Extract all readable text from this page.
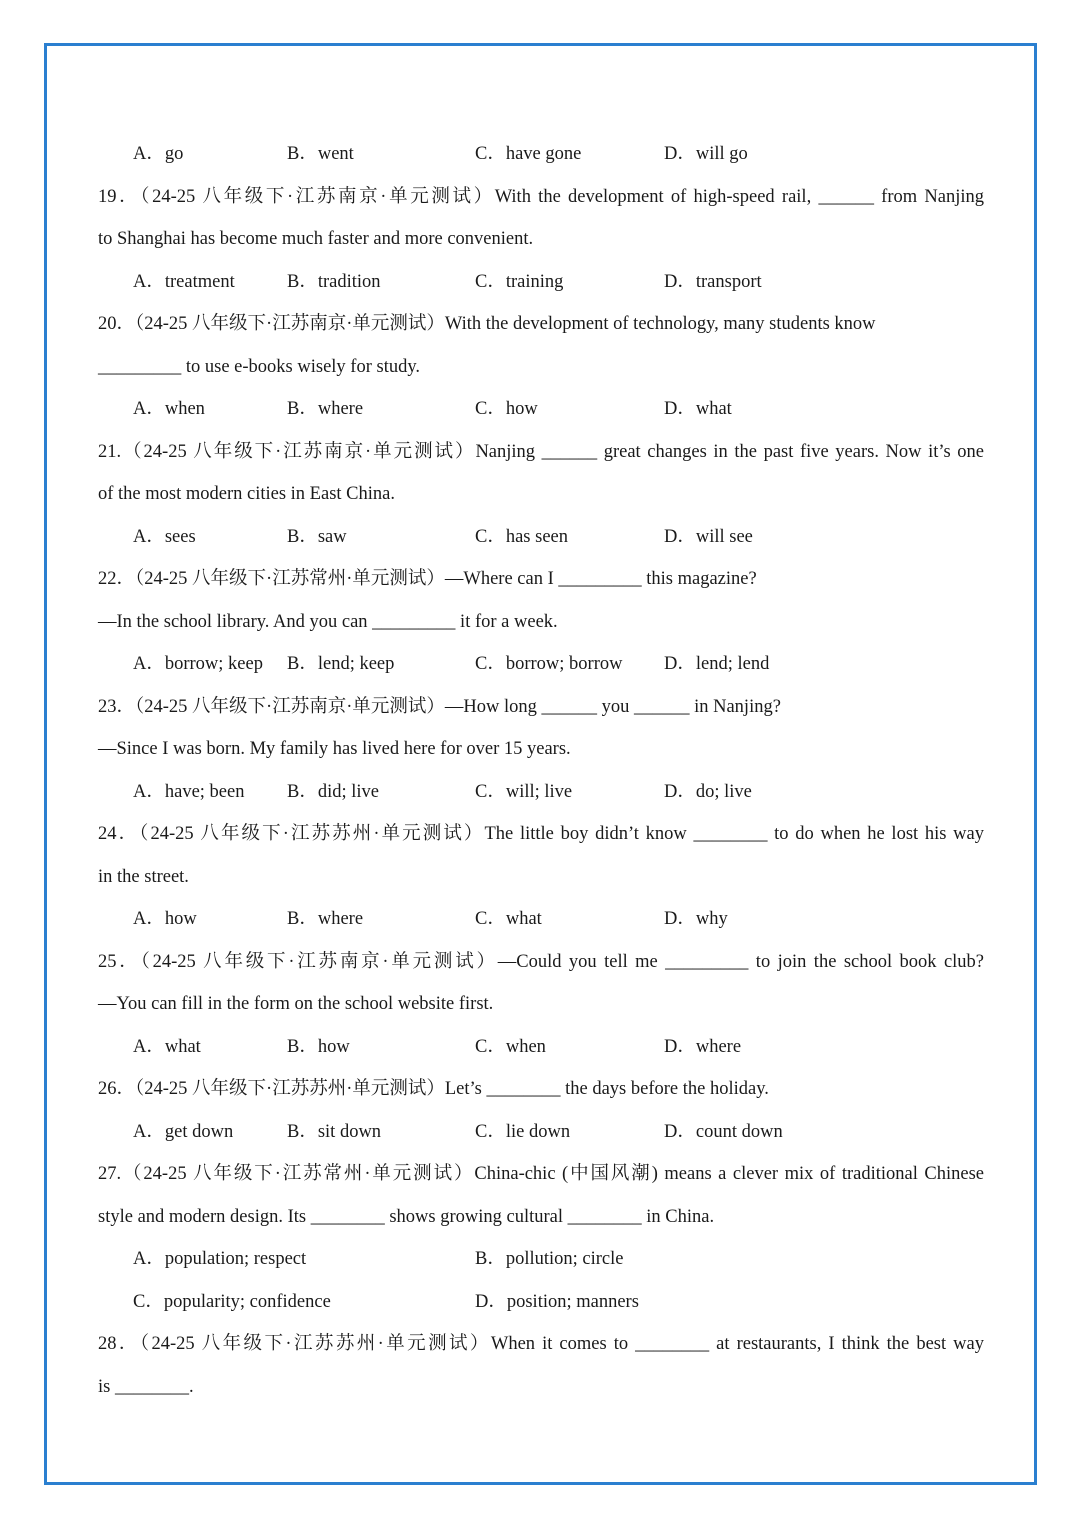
A．go	B．went	C．have gone	D．will go
19．（24-25 八年级下·江苏南京·单元测试）With the development of high-speed rail, ______ from Nanjing
to Shanghai has become much faster and more convenient.
A．treatment	B．tradition	C．training	D．transport
20．（24-25 八年级下·江苏南京·单元测试）With the development of technology, many students know
_________ to use e-books wisely for study.
A．when	B．where	C．how	D．what
21.（24-25 八年级下·江苏南京·单元测试）Nanjing ______ great changes in the past five years. Now it’s one
of the most modern cities in East China.
A．sees	B．saw	C．has seen	D．will see
22．（24-25 八年级下·江苏常州·单元测试）—Where can I _________ this magazine?
—In the school library. And you can _________ it for a week.
A．borrow; keep B．lend; keep	C．borrow; borrow D．lend; lend
23．（24-25 八年级下·江苏南京·单元测试）—How long ______ you ______ in Nanjing?
—Since I was born. My family has lived here for over 15 years.
A．have; been B．did; live	C．will; live	D．do; live
24．（24-25 八年级下·江苏苏州·单元测试）The little boy didn’t know ________ to do when he lost his way
in the street.
A．how	B．where	C．what	D．why
25．（24-25 八年级下·江苏南京·单元测试）—Could you tell me _________ to join the school book club?
—You can fill in the form on the school website first.
A．what	B．how	C．when	D．where
26．（24-25 八年级下·江苏苏州·单元测试）Let’s ________ the days before the holiday.
A．get down	B．sit down	C．lie down	D．count down
27.（24-25 八年级下·江苏常州·单元测试）China-chic (中国风潮) means a clever mix of traditional Chinese
style and modern design. Its ________ shows growing cultural ________ in China.
A．population; respect	B．pollution; circle
C．popularity; confidence	D．position; manners
28．（24-25 八年级下·江苏苏州·单元测试）When it comes to ________ at restaurants, I think the best way
is ________.
